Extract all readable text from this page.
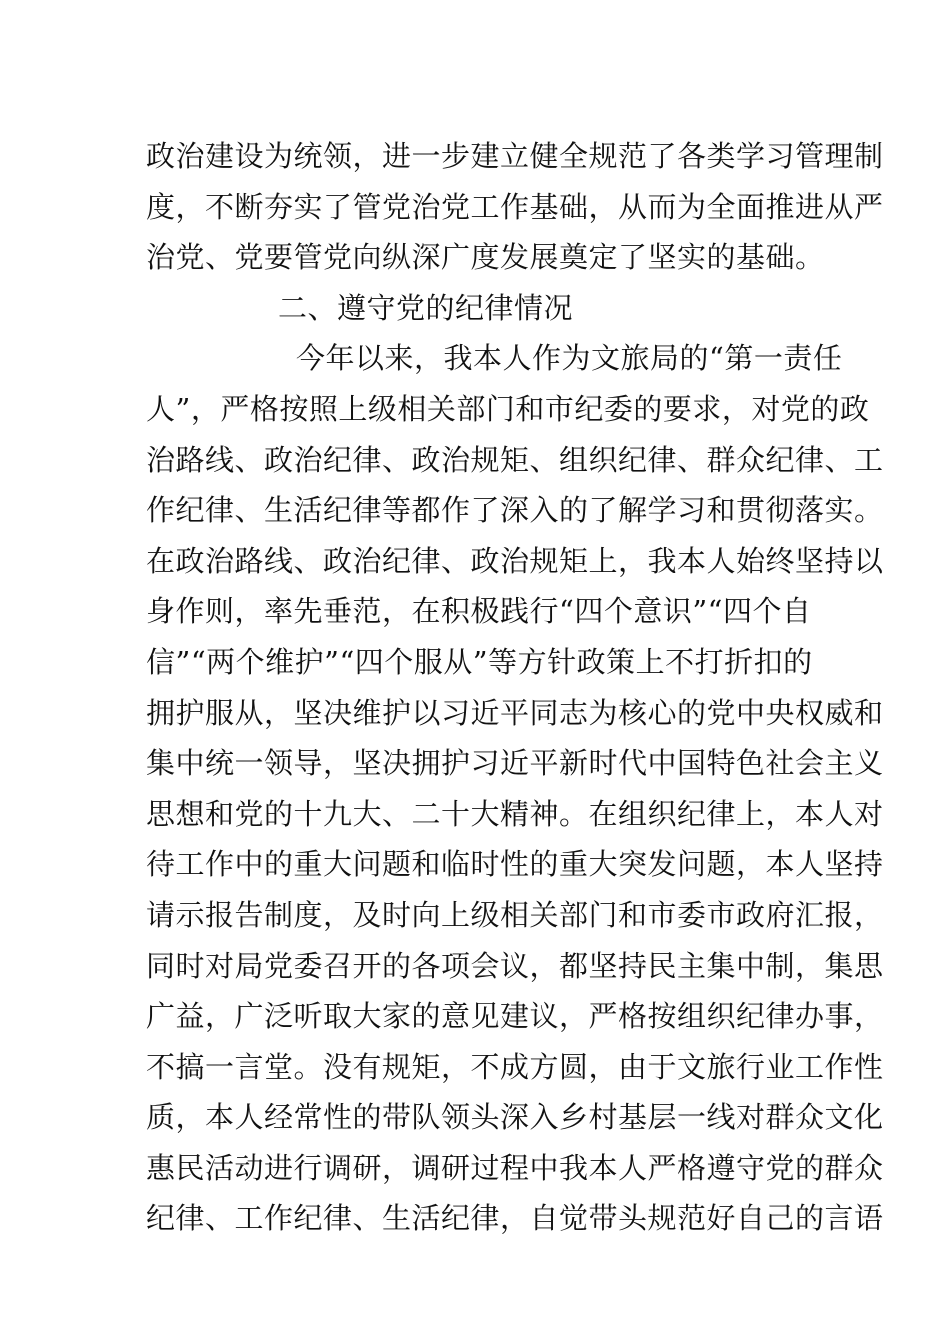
政治建设为统领，进一步建立健全规范了各类学习管理制
度，不断夯实了管党治党工作基础，从而为全面推进从严
治党、党要管党向纵深广度发展奠定了坚实的基础。
二、遵守党的纪律情况
今年以来，我本人作为文旅局的“第一责任
人”，严格按照上级相关部门和市纪委的要求，对党的政
治路线、政治纪律、政治规矩、组织纪律、群众纪律、工
作纪律、生活纪律等都作了深入的了解学习和贯彻落实。
在政治路线、政治纪律、政治规矩上，我本人始终坚持以
身作则，率先垂范，在积极践行“四个意识”“四个自
信”“两个维护”“四个服从”等方针政策上不打折扣的
拥护服从，坚决维护以习近平同志为核心的党中央权威和
集中统一领导，坚决拥护习近平新时代中国特色社会主义
思想和党的十九大、二十大精神。在组织纪律上，本人对
待工作中的重大问题和临时性的重大突发问题，本人坚持
请示报告制度，及时向上级相关部门和市委市政府汇报，
同时对局党委召开的各项会议，都坚持民主集中制，集思
广益，广泛听取大家的意见建议，严格按组织纪律办事，
不搞一言堂。没有规矩，不成方圆，由于文旅行业工作性
质，本人经常性的带队领头深入乡村基层一线对群众文化
惠民活动进行调研，调研过程中我本人严格遵守党的群众
纪律、工作纪律、生活纪律，自觉带头规范好自己的言语
